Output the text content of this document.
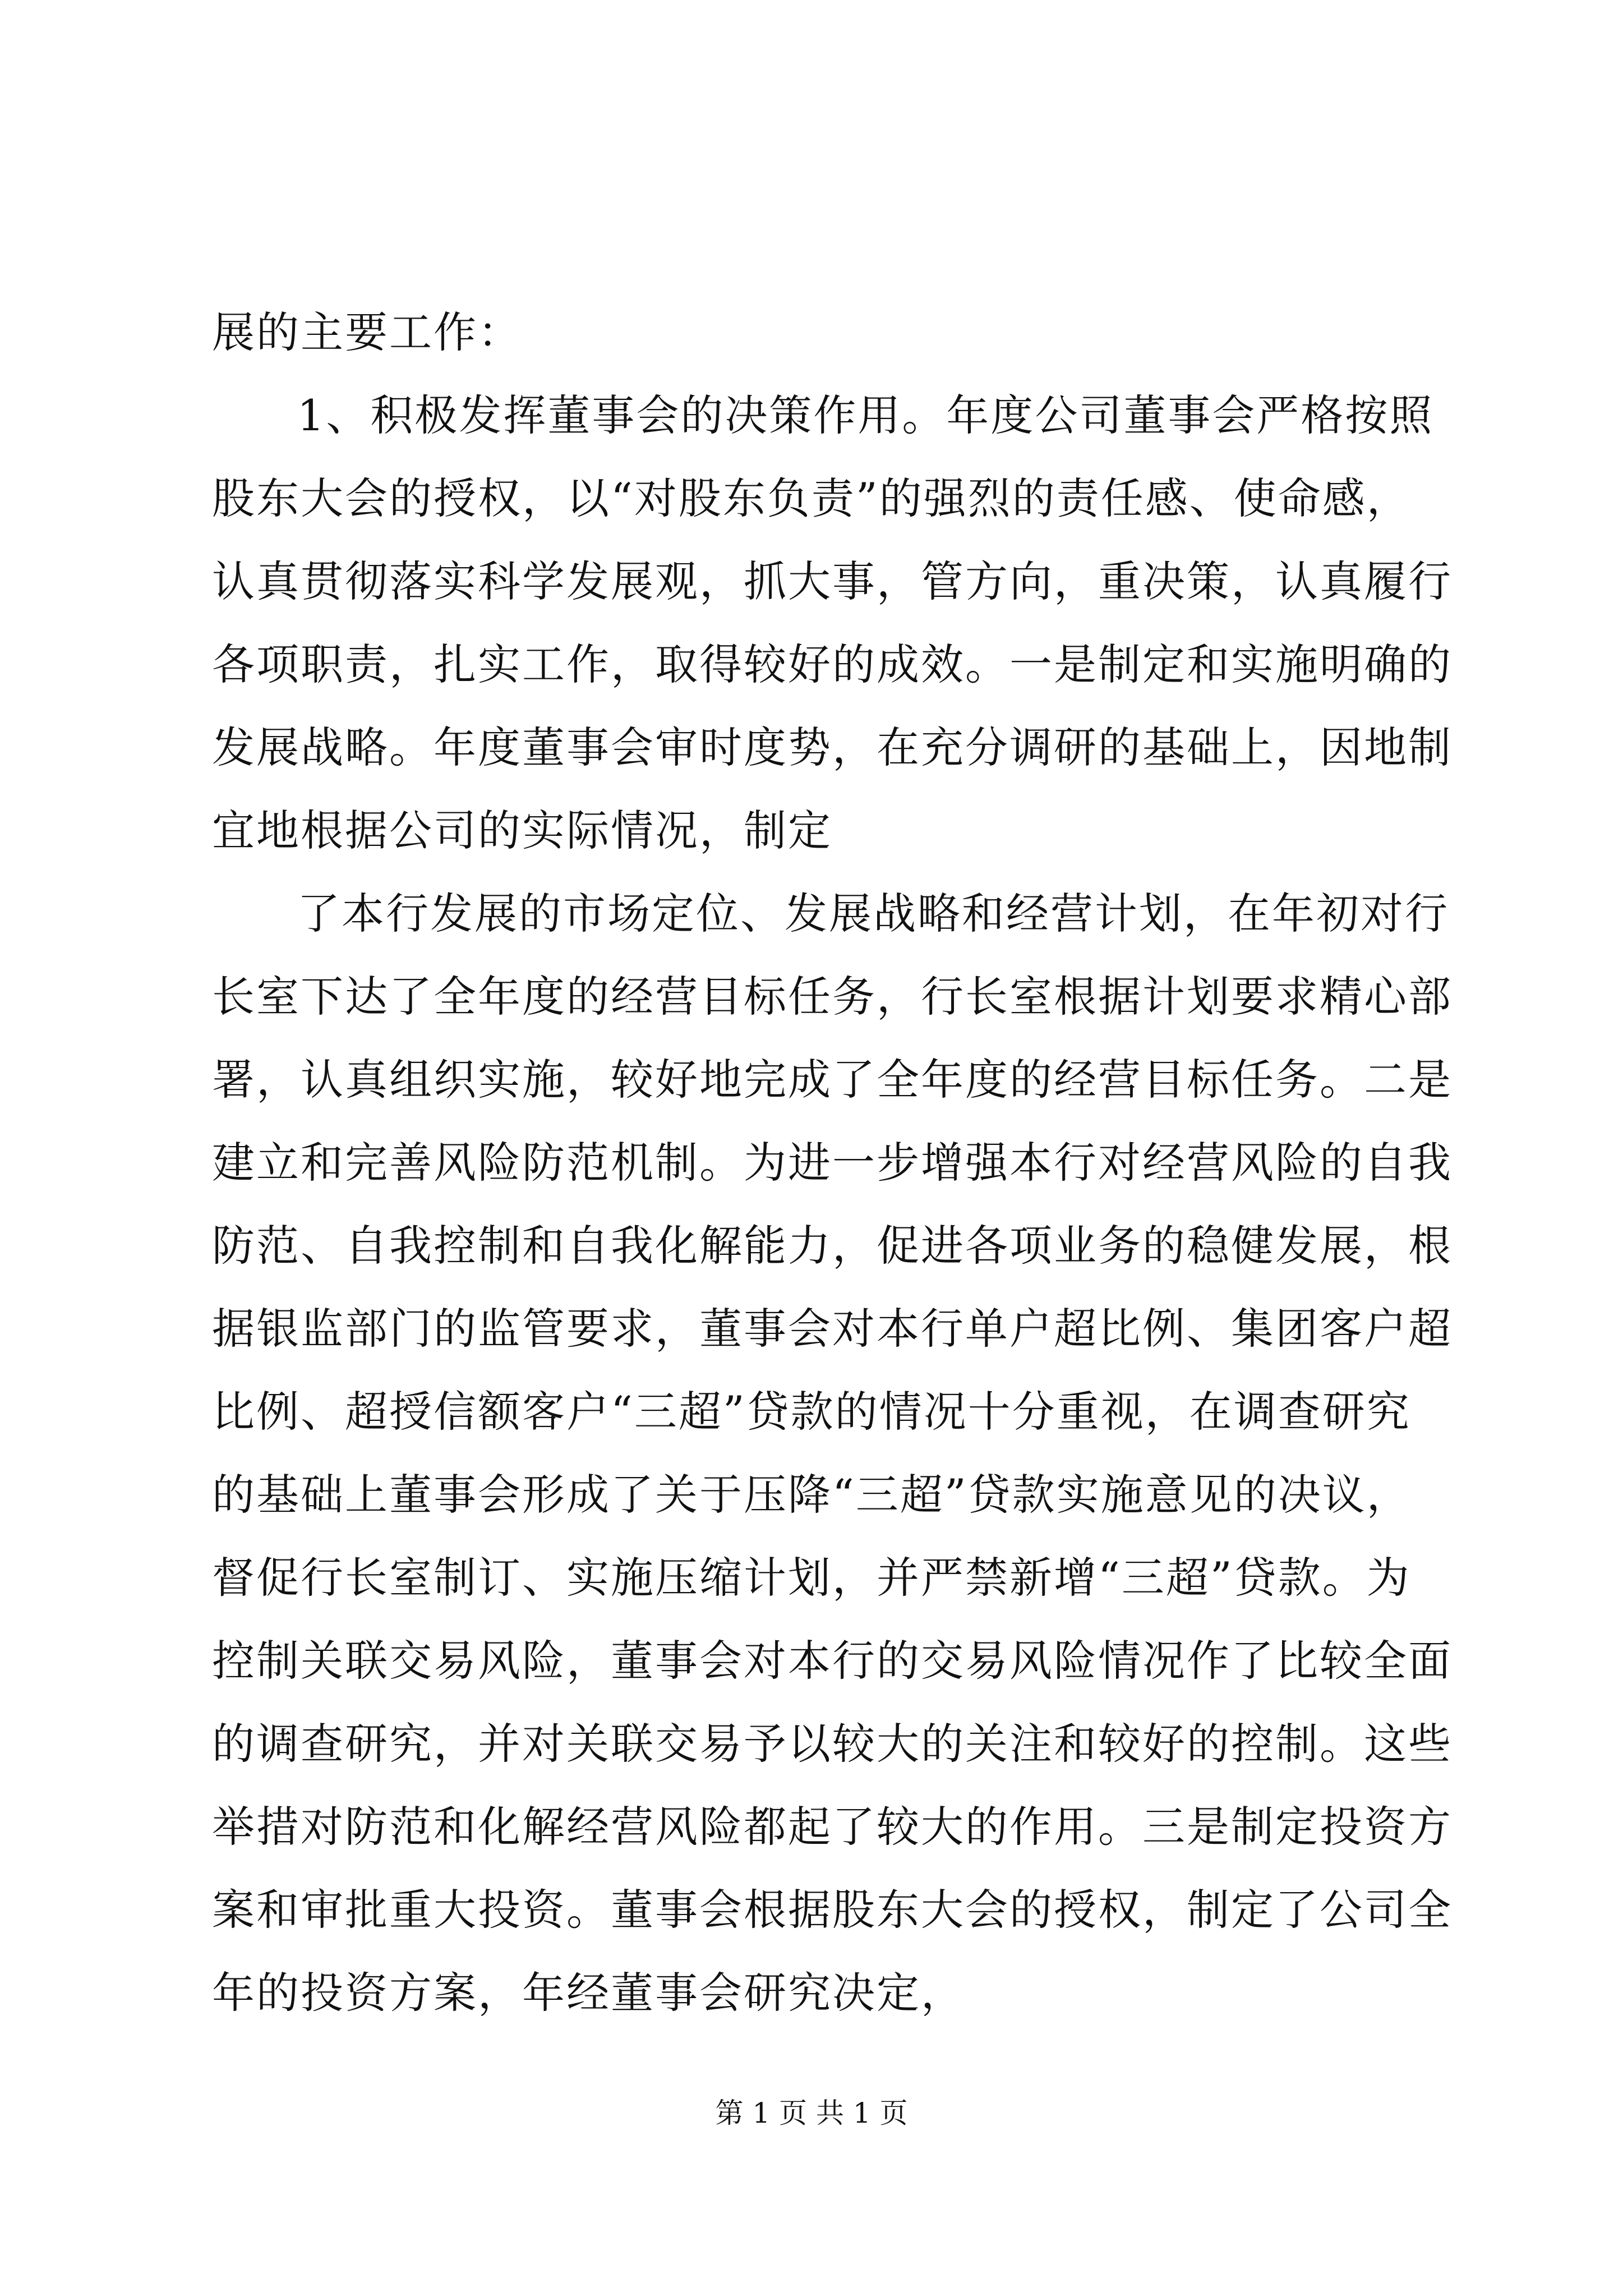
展的主要工作：
1、积极发挥董事会的决策作用。年度公司董事会严格按照
股东大会的授权，以“对股东负责”的强烈的责任感、使命感，
认真贯彻落实科学发展观，抓大事，管方向，重决策，认真履行
各项职责，扎实工作，取得较好的成效。一是制定和实施明确的
发展战略。年度董事会审时度势，在充分调研的基础上，因地制
宜地根据公司的实际情况，制定
了本行发展的市场定位、发展战略和经营计划，在年初对行
长室下达了全年度的经营目标任务，行长室根据计划要求精心部
署，认真组织实施，较好地完成了全年度的经营目标任务。二是
建立和完善风险防范机制。为进一步增强本行对经营风险的自我
防范、自我控制和自我化解能力，促进各项业务的稳健发展，根
据银监部门的监管要求，董事会对本行单户超比例、集团客户超
比例、超授信额客户“三超”贷款的情况十分重视，在调查研究
的基础上董事会形成了关于压降“三超”贷款实施意见的决议，
督促行长室制订、实施压缩计划，并严禁新增“三超”贷款。为
控制关联交易风险，董事会对本行的交易风险情况作了比较全面
的调查研究，并对关联交易予以较大的关注和较好的控制。这些
举措对防范和化解经营风险都起了较大的作用。三是制定投资方
案和审批重大投资。董事会根据股东大会的授权，制定了公司全
年的投资方案，年经董事会研究决定，
第 1 页 共 1 页
